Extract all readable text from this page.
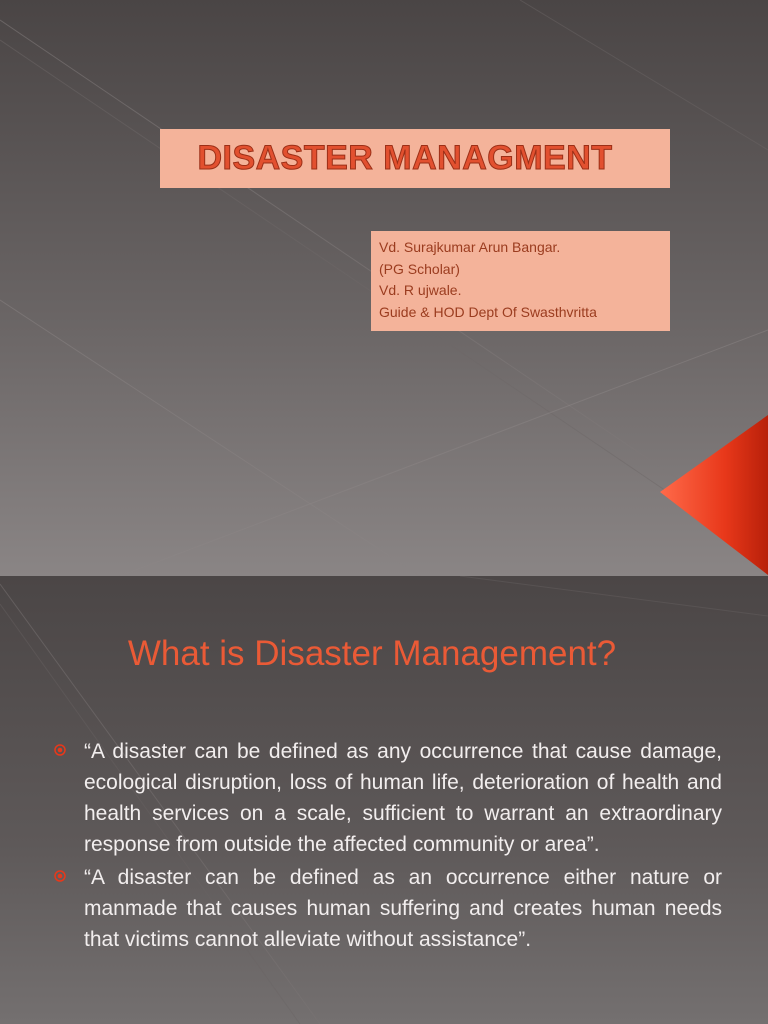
DISASTER MANAGMENT
Vd. Surajkumar Arun Bangar.
(PG Scholar)
Vd. R ujwale.
Guide & HOD Dept Of Swasthvritta
What is Disaster Management?
“A disaster can be defined as any occurrence that cause damage, ecological disruption, loss of human life, deterioration of health and health services on a scale, sufficient to warrant an extraordinary response from outside the affected community or area”.
“A disaster can be defined as an occurrence either nature or manmade that causes human suffering and creates human needs that victims cannot alleviate without assistance”.
